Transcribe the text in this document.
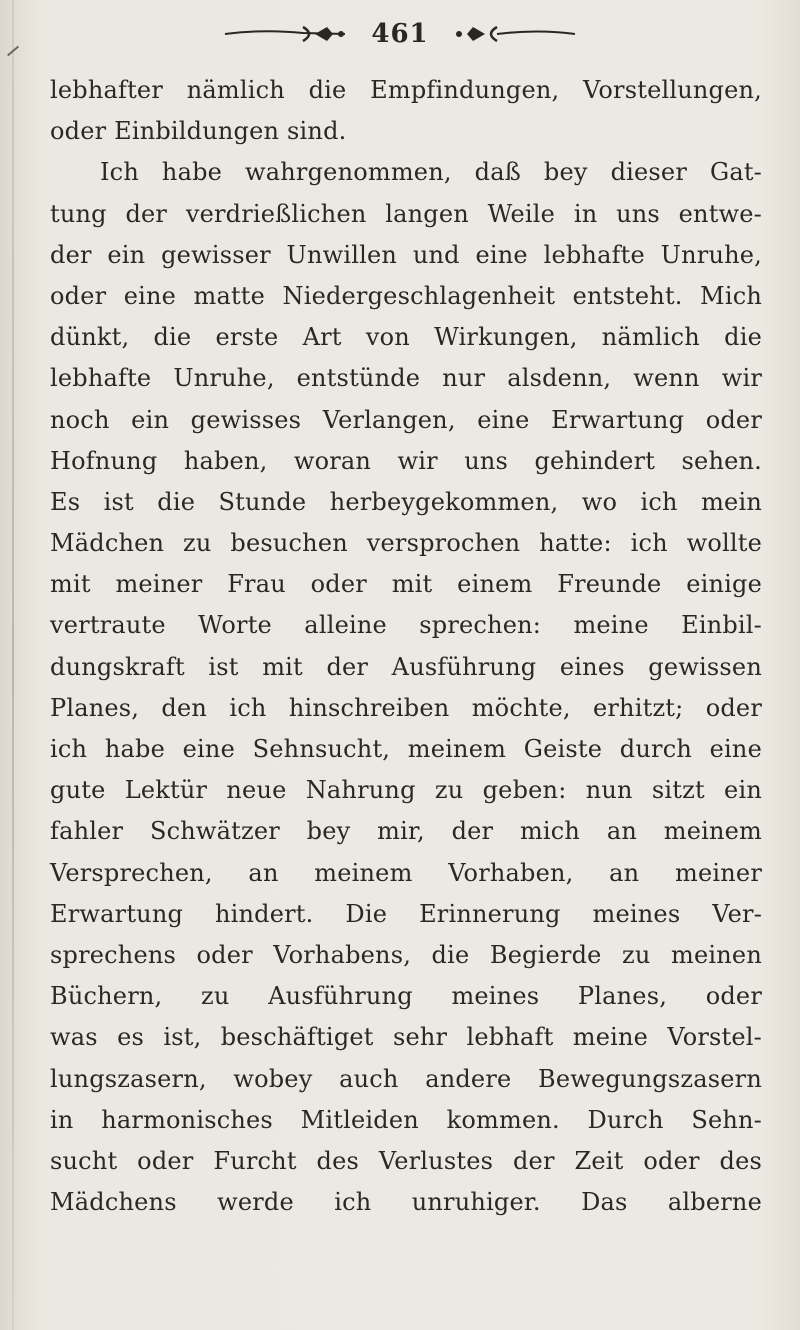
461
lebhafter nämlich die Empfindungen, Vorstellungen,
oder Einbildungen sind.
Ich habe wahrgenommen, daß bey dieser Gat-
tung der verdrießlichen langen Weile in uns entwe-
der ein gewisser Unwillen und eine lebhafte Unruhe,
oder eine matte Niedergeschlagenheit entsteht. Mich
dünkt, die erste Art von Wirkungen, nämlich die
lebhafte Unruhe, entstünde nur alsdenn, wenn wir
noch ein gewisses Verlangen, eine Erwartung oder
Hofnung haben, woran wir uns gehindert sehen.
Es ist die Stunde herbeygekommen, wo ich mein
Mädchen zu besuchen versprochen hatte: ich wollte
mit meiner Frau oder mit einem Freunde einige
vertraute Worte alleine sprechen: meine Einbil-
dungskraft ist mit der Ausführung eines gewissen
Planes, den ich hinschreiben möchte, erhitzt; oder
ich habe eine Sehnsucht, meinem Geiste durch eine
gute Lektür neue Nahrung zu geben: nun sitzt ein
fahler Schwätzer bey mir, der mich an meinem
Versprechen, an meinem Vorhaben, an meiner
Erwartung hindert. Die Erinnerung meines Ver-
sprechens oder Vorhabens, die Begierde zu meinen
Büchern, zu Ausführung meines Planes, oder
was es ist, beschäftiget sehr lebhaft meine Vorstel-
lungszasern, wobey auch andere Bewegungszasern
in harmonisches Mitleiden kommen. Durch Sehn-
sucht oder Furcht des Verlustes der Zeit oder des
Mädchens werde ich unruhiger. Das alberne
